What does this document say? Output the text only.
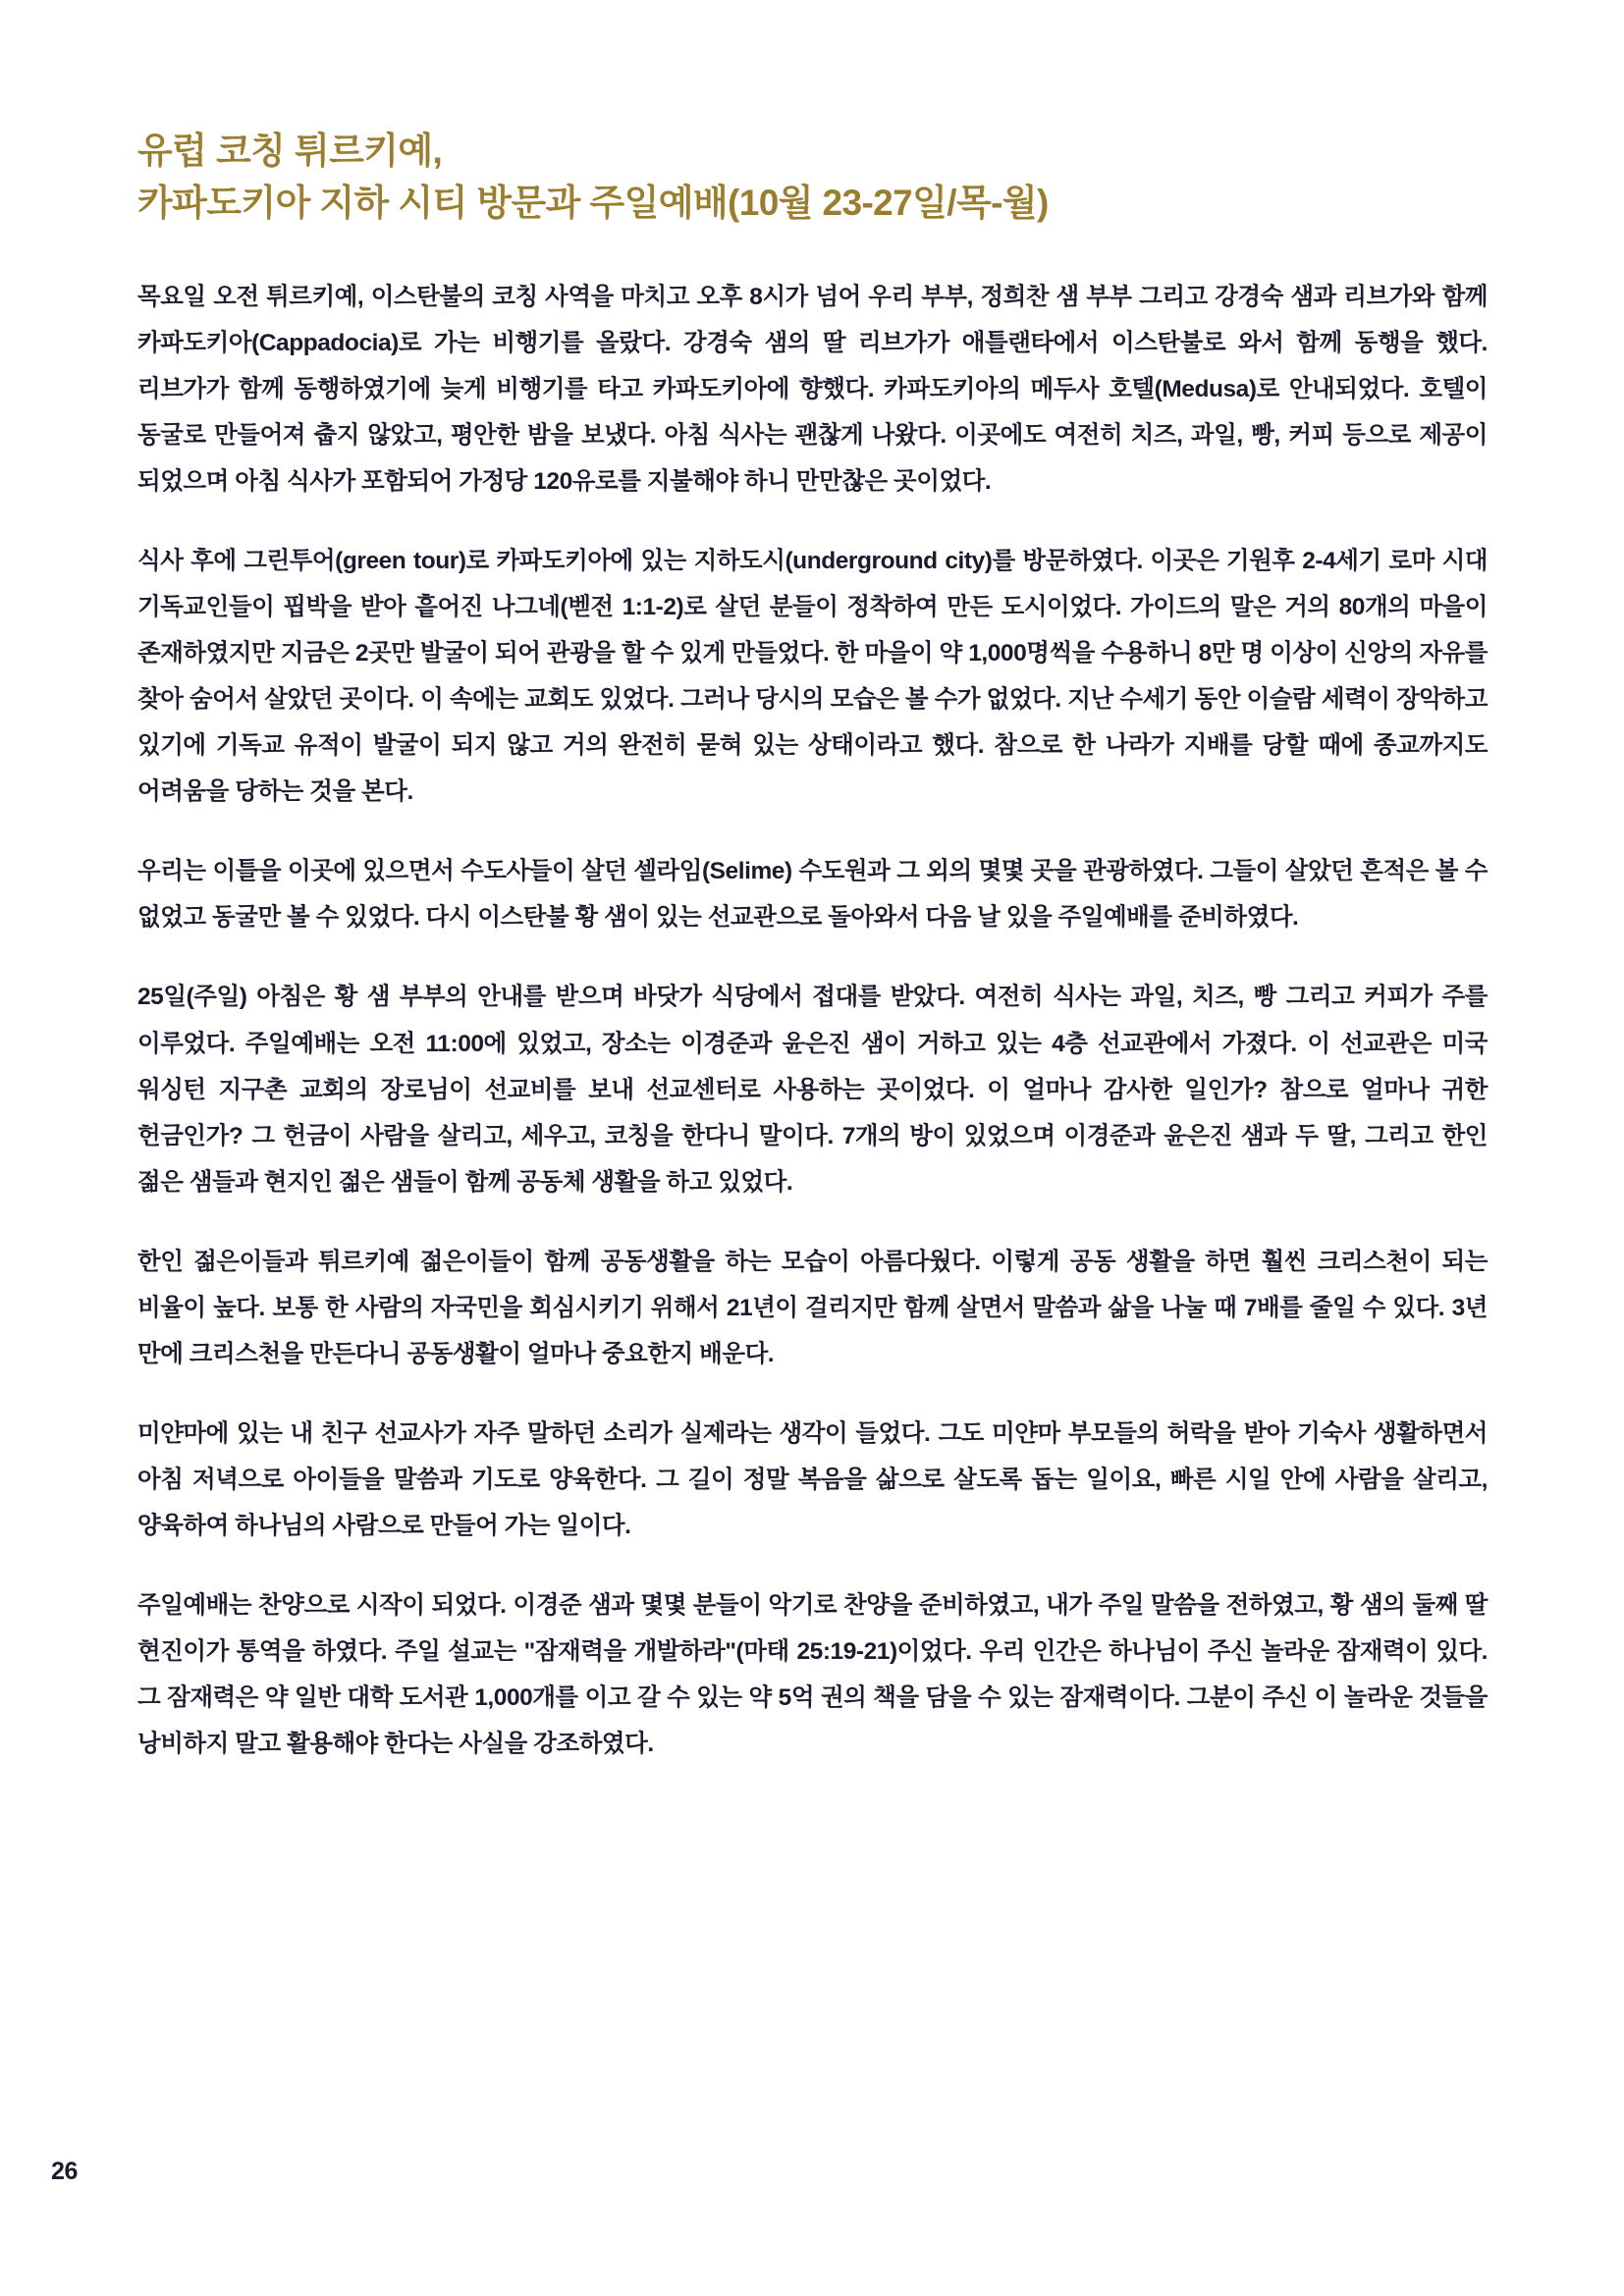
유럽 코칭 튀르키예,
카파도키아 지하 시티 방문과 주일예배(10월 23-27일/목-월)

목요일 오전 튀르키예, 이스탄불의 코칭 사역을 마치고 오후 8시가 넘어 우리 부부, 정희찬 샘 부부 그리고 강경숙 샘과 리브가와 함께 카파도키아(Cappadocia)로 가는 비행기를 올랐다. 강경숙 샘의 딸 리브가가 애틀랜타에서 이스탄불로 와서 함께 동행을 했다. 리브가가 함께 동행하였기에 늦게 비행기를 타고 카파도키아에 향했다. 카파도키아의 메두사 호텔(Medusa)로 안내되었다. 호텔이 동굴로 만들어져 춥지 않았고, 평안한 밤을 보냈다. 아침 식사는 괜찮게 나왔다. 이곳에도 여전히 치즈, 과일, 빵, 커피 등으로 제공이 되었으며 아침 식사가 포함되어 가정당 120유로를 지불해야 하니 만만찮은 곳이었다.

식사 후에 그린투어(green tour)로 카파도키아에 있는 지하도시(underground city)를 방문하였다. 이곳은 기원후 2-4세기 로마 시대 기독교인들이 핍박을 받아 흩어진 나그네(벧전 1:1-2)로 살던 분들이 정착하여 만든 도시이었다. 가이드의 말은 거의 80개의 마을이 존재하였지만 지금은 2곳만 발굴이 되어 관광을 할 수 있게 만들었다. 한 마을이 약 1,000명씩을 수용하니 8만 명 이상이 신앙의 자유를 찾아 숨어서 살았던 곳이다. 이 속에는 교회도 있었다. 그러나 당시의 모습은 볼 수가 없었다. 지난 수세기 동안 이슬람 세력이 장악하고 있기에 기독교 유적이 발굴이 되지 않고 거의 완전히 묻혀 있는 상태이라고 했다. 참으로 한 나라가 지배를 당할 때에 종교까지도 어려움을 당하는 것을 본다.

우리는 이틀을 이곳에 있으면서 수도사들이 살던 셀라임(Selime) 수도원과 그 외의 몇몇 곳을 관광하였다. 그들이 살았던 흔적은 볼 수 없었고 동굴만 볼 수 있었다. 다시 이스탄불 황 샘이 있는 선교관으로 돌아와서 다음 날 있을 주일예배를 준비하였다.

25일(주일) 아침은 황 샘 부부의 안내를 받으며 바닷가 식당에서 접대를 받았다. 여전히 식사는 과일, 치즈, 빵 그리고 커피가 주를 이루었다. 주일예배는 오전 11:00에 있었고, 장소는 이경준과 윤은진 샘이 거하고 있는 4층 선교관에서 가졌다. 이 선교관은 미국 워싱턴 지구촌 교회의 장로님이 선교비를 보내 선교센터로 사용하는 곳이었다. 이 얼마나 감사한 일인가? 참으로 얼마나 귀한 헌금인가? 그 헌금이 사람을 살리고, 세우고, 코칭을 한다니 말이다. 7개의 방이 있었으며 이경준과 윤은진 샘과 두 딸, 그리고 한인 젊은 샘들과 현지인 젊은 샘들이 함께 공동체 생활을 하고 있었다.

한인 젊은이들과 튀르키예 젊은이들이 함께 공동생활을 하는 모습이 아름다웠다. 이렇게 공동 생활을 하면 훨씬 크리스천이 되는 비율이 높다. 보통 한 사람의 자국민을 회심시키기 위해서 21년이 걸리지만 함께 살면서 말씀과 삶을 나눌 때 7배를 줄일 수 있다. 3년 만에 크리스천을 만든다니 공동생활이 얼마나 중요한지 배운다.

미얀마에 있는 내 친구 선교사가 자주 말하던 소리가 실제라는 생각이 들었다. 그도 미얀마 부모들의 허락을 받아 기숙사 생활하면서 아침 저녁으로 아이들을 말씀과 기도로 양육한다. 그 길이 정말 복음을 삶으로 살도록 돕는 일이요, 빠른 시일 안에 사람을 살리고, 양육하여 하나님의 사람으로 만들어 가는 일이다.

주일예배는 찬양으로 시작이 되었다. 이경준 샘과 몇몇 분들이 악기로 찬양을 준비하였고, 내가 주일 말씀을 전하였고, 황 샘의 둘째 딸 현진이가 통역을 하였다. 주일 설교는 "잠재력을 개발하라"(마태 25:19-21)이었다. 우리 인간은 하나님이 주신 놀라운 잠재력이 있다. 그 잠재력은 약 일반 대학 도서관 1,000개를 이고 갈 수 있는 약 5억 권의 책을 담을 수 있는 잠재력이다. 그분이 주신 이 놀라운 것들을 낭비하지 말고 활용해야 한다는 사실을 강조하였다.

26
